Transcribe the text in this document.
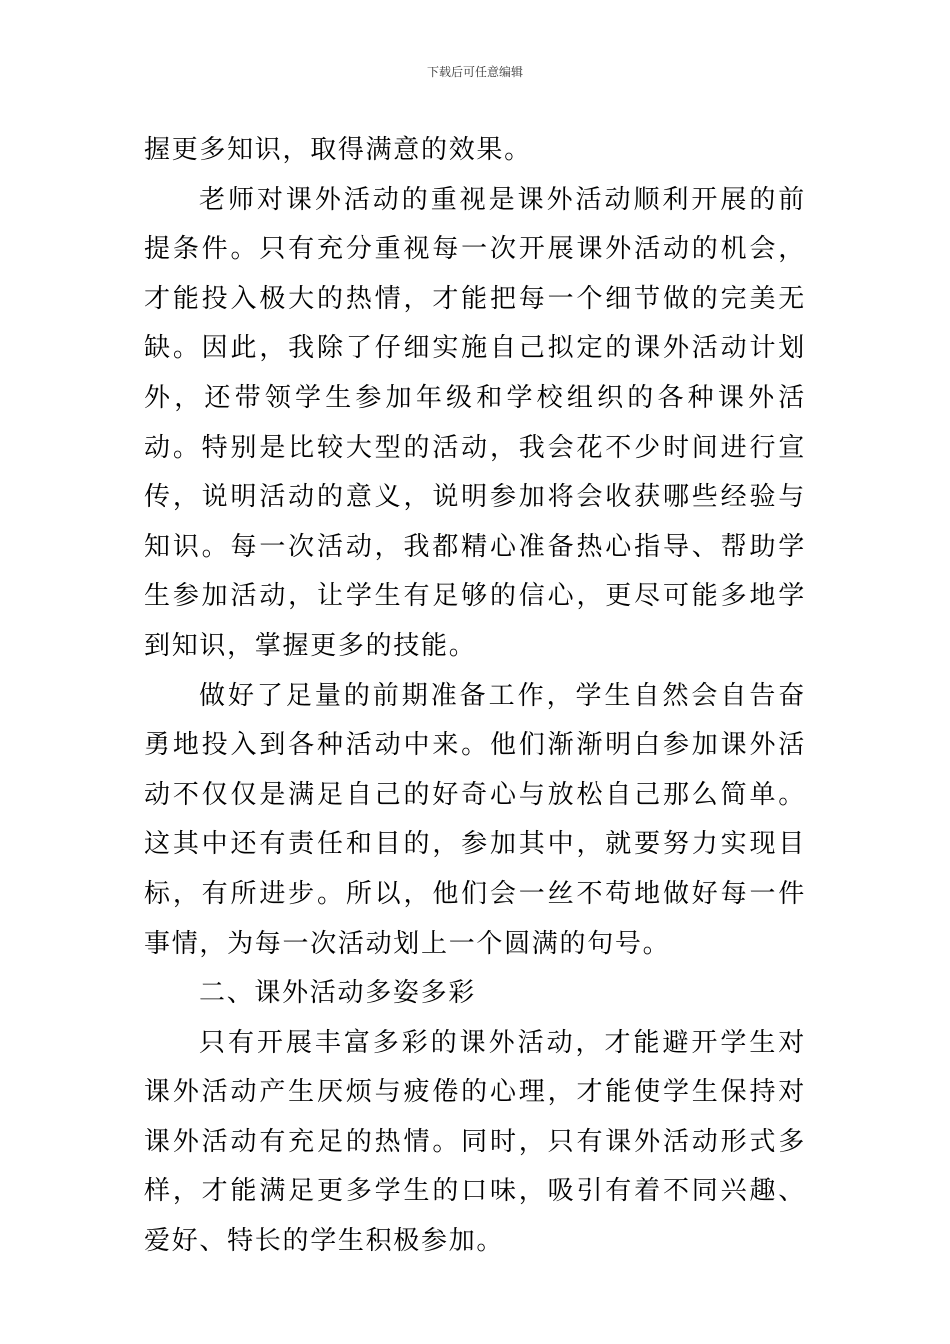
下载后可任意编辑

握更多知识，取得满意的效果。

老师对课外活动的重视是课外活动顺利开展的前提条件。只有充分重视每一次开展课外活动的机会，才能投入极大的热情，才能把每一个细节做的完美无缺。因此，我除了仔细实施自己拟定的课外活动计划外，还带领学生参加年级和学校组织的各种课外活动。特别是比较大型的活动，我会花不少时间进行宣传，说明活动的意义，说明参加将会收获哪些经验与知识。每一次活动，我都精心准备热心指导、帮助学生参加活动，让学生有足够的信心，更尽可能多地学到知识，掌握更多的技能。

做好了足量的前期准备工作，学生自然会自告奋勇地投入到各种活动中来。他们渐渐明白参加课外活动不仅仅是满足自己的好奇心与放松自己那么简单。这其中还有责任和目的，参加其中，就要努力实现目标，有所进步。所以，他们会一丝不苟地做好每一件事情，为每一次活动划上一个圆满的句号。

二、课外活动多姿多彩

只有开展丰富多彩的课外活动，才能避开学生对课外活动产生厌烦与疲倦的心理，才能使学生保持对课外活动有充足的热情。同时，只有课外活动形式多样，才能满足更多学生的口味，吸引有着不同兴趣、爱好、特长的学生积极参加。
